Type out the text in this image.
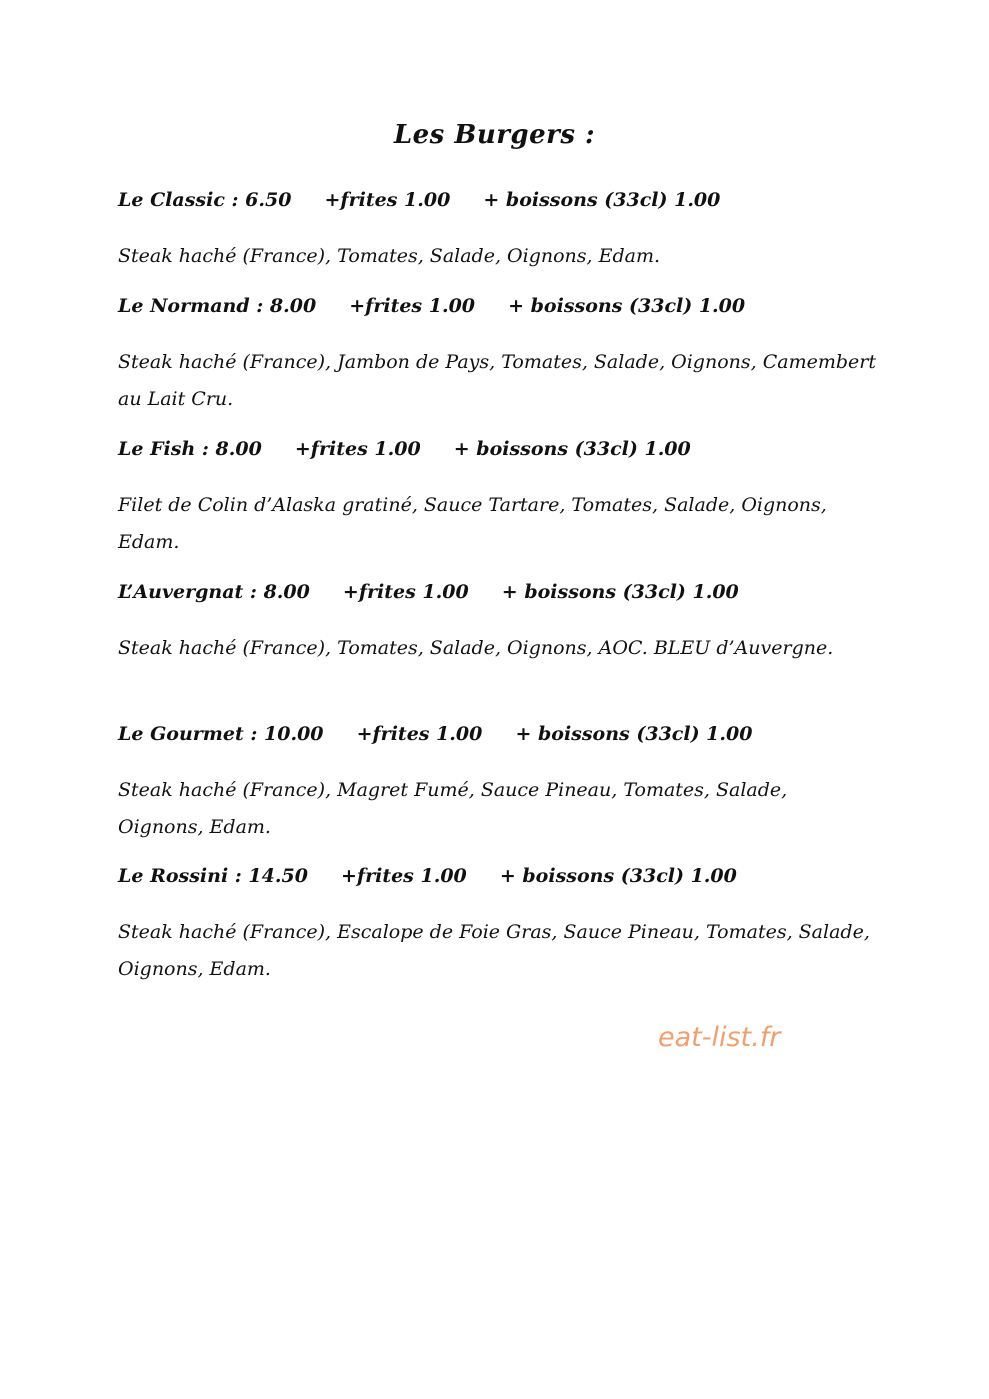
Les Burgers :
Le Classic : 6.50 +frites 1.00 + boissons (33cl) 1.00
Steak haché (France), Tomates, Salade, Oignons, Edam.
Le Normand : 8.00 +frites 1.00 + boissons (33cl) 1.00
Steak haché (France), Jambon de Pays, Tomates, Salade, Oignons, Camembert au Lait Cru.
Le Fish : 8.00 +frites 1.00 + boissons (33cl) 1.00
Filet de Colin d’Alaska gratiné, Sauce Tartare, Tomates, Salade, Oignons, Edam.
L’Auvergnat : 8.00 +frites 1.00 + boissons (33cl) 1.00
Steak haché (France), Tomates, Salade, Oignons, AOC. BLEU d’Auvergne.
Le Gourmet : 10.00 +frites 1.00 + boissons (33cl) 1.00
Steak haché (France), Magret Fumé, Sauce Pineau, Tomates, Salade, Oignons, Edam.
Le Rossini : 14.50 +frites 1.00 + boissons (33cl) 1.00
Steak haché (France), Escalope de Foie Gras, Sauce Pineau, Tomates, Salade, Oignons, Edam.
eat-list.fr
